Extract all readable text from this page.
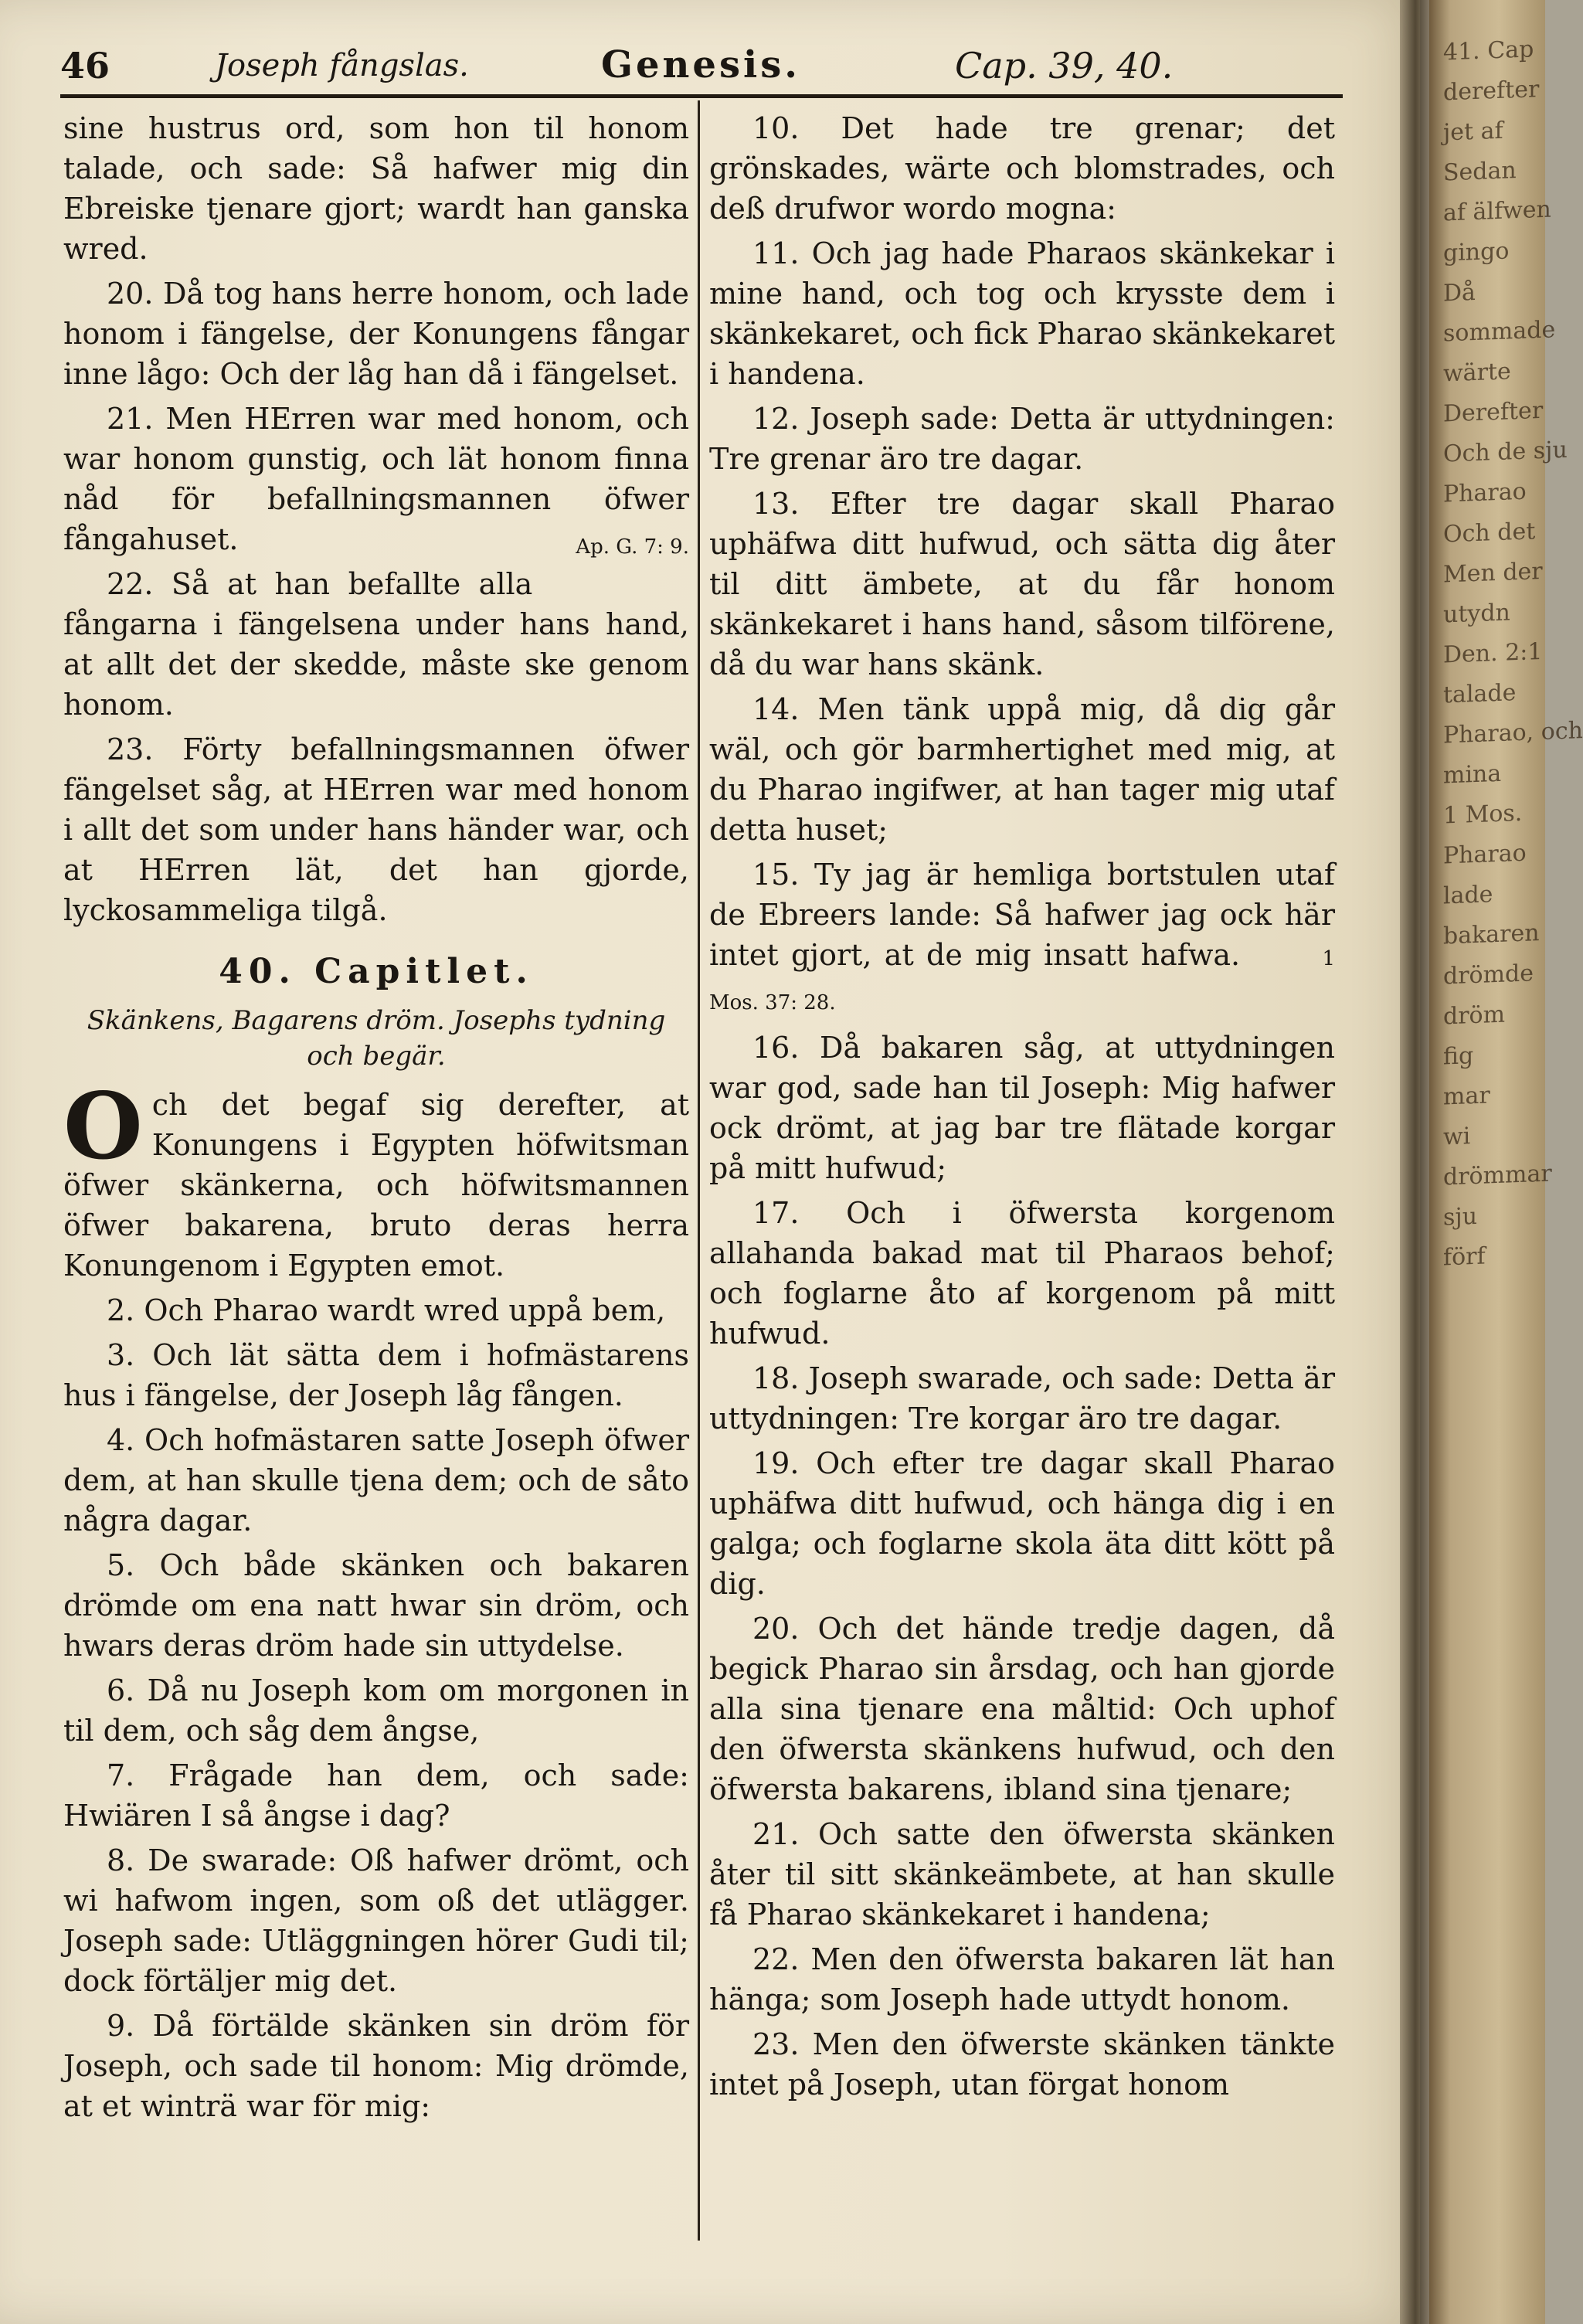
46	Joseph fångslas.	Genesis.	Cap. 39, 40.

sine hustrus ord, som hon til honom talade, och sade: Så hafwer mig din Ebreiske tjenare gjort; wardt han ganska wred.

20. Då tog hans herre honom, och lade honom i fängelse, der Konungens fångar inne lågo: Och der låg han då i fängelset.

21. Men HErren war med honom, och war honom gunstig, och lät honom finna nåd för befallningsmannen öfwer fångahuset.	Ap. G. 7: 9.

22. Så at han befallte alla fångarna i fängelsena under hans hand, at allt det der skedde, måste ske genom honom.

23. Förty befallningsmannen öfwer fängelset såg, at HErren war med honom i allt det som under hans händer war, och at HErren lät, det han gjorde, lyckosammeliga tilgå.

40. Capitlet.
Skänkens, Bagarens dröm. Josephs tydning och begär.

Och det begaf sig derefter, at Konungens i Egypten höfwitsman öfwer skänkerna, och höfwitsmannen öfwer bakarena, bruto deras herra Konungenom i Egypten emot.

2. Och Pharao wardt wred uppå bem,

3. Och lät sätta dem i hofmästarens hus i fängelse, der Joseph låg fången.

4. Och hofmästaren satte Joseph öfwer dem, at han skulle tjena dem; och de såto några dagar.

5. Och både skänken och bakaren drömde om ena natt hwar sin dröm, och hwars deras dröm hade sin uttydelse.

6. Då nu Joseph kom om morgonen in til dem, och såg dem ångse,

7. Frågade han dem, och sade: Hwiären I så ångse i dag?

8. De swarade: Oß hafwer drömt, och wi hafwom ingen, som oß det utlägger. Joseph sade: Utläggningen hörer Gudi til; dock förtäljer mig det.

9. Då förtälde skänken sin dröm för Joseph, och sade til honom: Mig drömde, at et winträ war för mig:

10. Det hade tre grenar; det grönskades, wärte och blomstrades, och deß drufwor wordo mogna:

11. Och jag hade Pharaos skänkekar i mine hand, och tog och krysste dem i skänkekaret, och fick Pharao skänkekaret i handena.

12. Joseph sade: Detta är uttydningen: Tre grenar äro tre dagar.

13. Efter tre dagar skall Pharao uphäfwa ditt hufwud, och sätta dig åter til ditt ämbete, at du får honom skänkekaret i hans hand, såsom tilförene, då du war hans skänk.

14. Men tänk uppå mig, då dig går wäl, och gör barmhertighet med mig, at du Pharao ingifwer, at han tager mig utaf detta huset;

15. Ty jag är hemliga bortstulen utaf de Ebreers lande: Så hafwer jag ock här intet gjort, at de mig insatt hafwa.	1 Mos. 37: 28.

16. Då bakaren såg, at uttydningen war god, sade han til Joseph: Mig hafwer ock drömt, at jag bar tre flätade korgar på mitt hufwud;

17. Och i öfwersta korgenom allahanda bakad mat til Pharaos behof; och foglarne åto af korgenom på mitt hufwud.

18. Joseph swarade, och sade: Detta är uttydningen: Tre korgar äro tre dagar.

19. Och efter tre dagar skall Pharao uphäfwa ditt hufwud, och hänga dig i en galga; och foglarne skola äta ditt kött på dig.

20. Och det hände tredje dagen, då begick Pharao sin årsdag, och han gjorde alla sina tjenare ena måltid: Och uphof den öfwersta skänkens hufwud, och den öfwersta bakarens, ibland sina tjenare;

21. Och satte den öfwersta skänken åter til sitt skänkeämbete, at han skulle få Pharao skänkekaret i handena;

22. Men den öfwersta bakaren lät han hänga; som Joseph hade uttydt honom.

23. Men den öfwerste skänken tänkte intet på Joseph, utan förgat honom

41. Cap
derefter
jet af
Sedan
af älfwen
gingo
Då
sommade
wärte
Derefter
Och de sju
Pharao
Och det
Men der
utydn
Den. 2:1
talade
Pharao, och
mina
1 Mos.
Pharao
lade
bakaren
drömde
dröm
fig
mar
wi
drömmar
sju
förf
